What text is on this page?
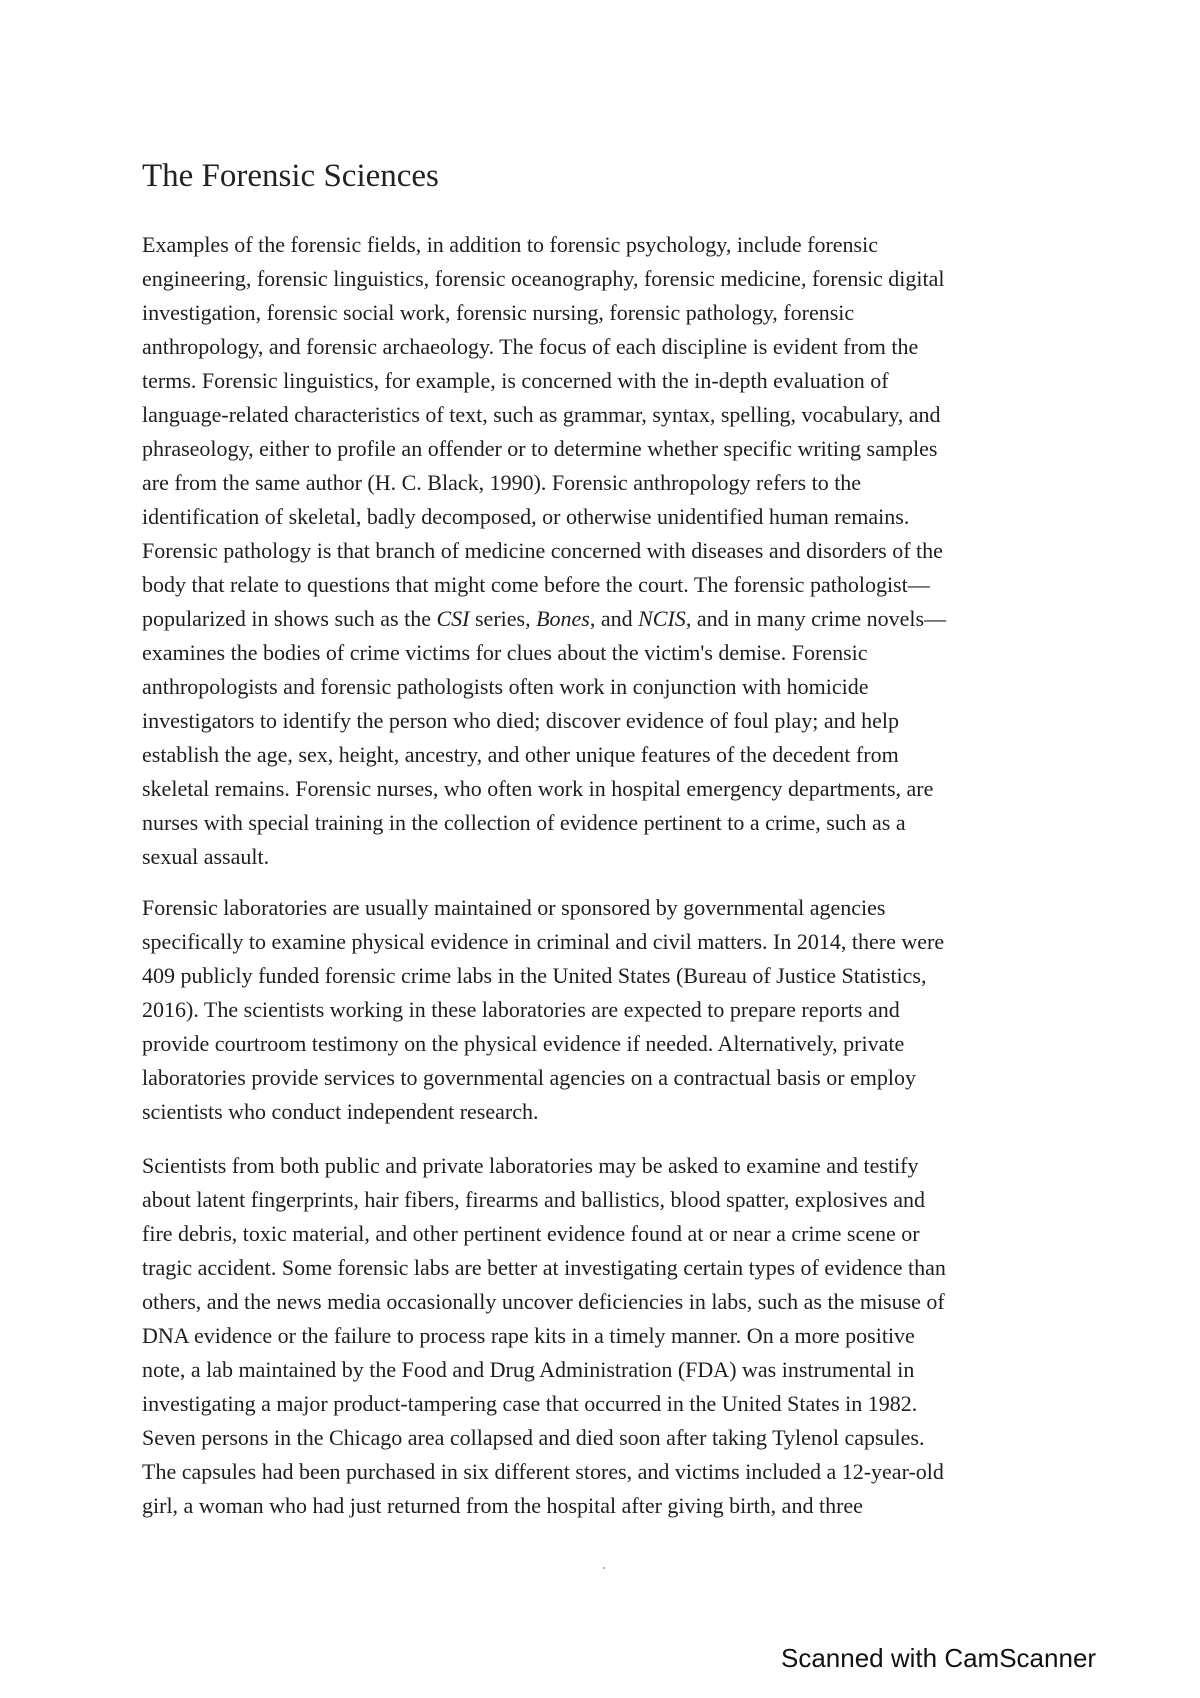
The Forensic Sciences
Examples of the forensic fields, in addition to forensic psychology, include forensic
engineering, forensic linguistics, forensic oceanography, forensic medicine, forensic digital
investigation, forensic social work, forensic nursing, forensic pathology, forensic
anthropology, and forensic archaeology. The focus of each discipline is evident from the
terms. Forensic linguistics, for example, is concerned with the in-depth evaluation of
language-related characteristics of text, such as grammar, syntax, spelling, vocabulary, and
phraseology, either to profile an offender or to determine whether specific writing samples
are from the same author (H. C. Black, 1990). Forensic anthropology refers to the
identification of skeletal, badly decomposed, or otherwise unidentified human remains.
Forensic pathology is that branch of medicine concerned with diseases and disorders of the
body that relate to questions that might come before the court. The forensic pathologist—
popularized in shows such as the CSI series, Bones, and NCIS, and in many crime novels—
examines the bodies of crime victims for clues about the victim's demise. Forensic
anthropologists and forensic pathologists often work in conjunction with homicide
investigators to identify the person who died; discover evidence of foul play; and help
establish the age, sex, height, ancestry, and other unique features of the decedent from
skeletal remains. Forensic nurses, who often work in hospital emergency departments, are
nurses with special training in the collection of evidence pertinent to a crime, such as a
sexual assault.
Forensic laboratories are usually maintained or sponsored by governmental agencies
specifically to examine physical evidence in criminal and civil matters. In 2014, there were
409 publicly funded forensic crime labs in the United States (Bureau of Justice Statistics,
2016). The scientists working in these laboratories are expected to prepare reports and
provide courtroom testimony on the physical evidence if needed. Alternatively, private
laboratories provide services to governmental agencies on a contractual basis or employ
scientists who conduct independent research.
Scientists from both public and private laboratories may be asked to examine and testify
about latent fingerprints, hair fibers, firearms and ballistics, blood spatter, explosives and
fire debris, toxic material, and other pertinent evidence found at or near a crime scene or
tragic accident. Some forensic labs are better at investigating certain types of evidence than
others, and the news media occasionally uncover deficiencies in labs, such as the misuse of
DNA evidence or the failure to process rape kits in a timely manner. On a more positive
note, a lab maintained by the Food and Drug Administration (FDA) was instrumental in
investigating a major product-tampering case that occurred in the United States in 1982.
Seven persons in the Chicago area collapsed and died soon after taking Tylenol capsules.
The capsules had been purchased in six different stores, and victims included a 12-year-old
girl, a woman who had just returned from the hospital after giving birth, and three
Scanned with CamScanner
